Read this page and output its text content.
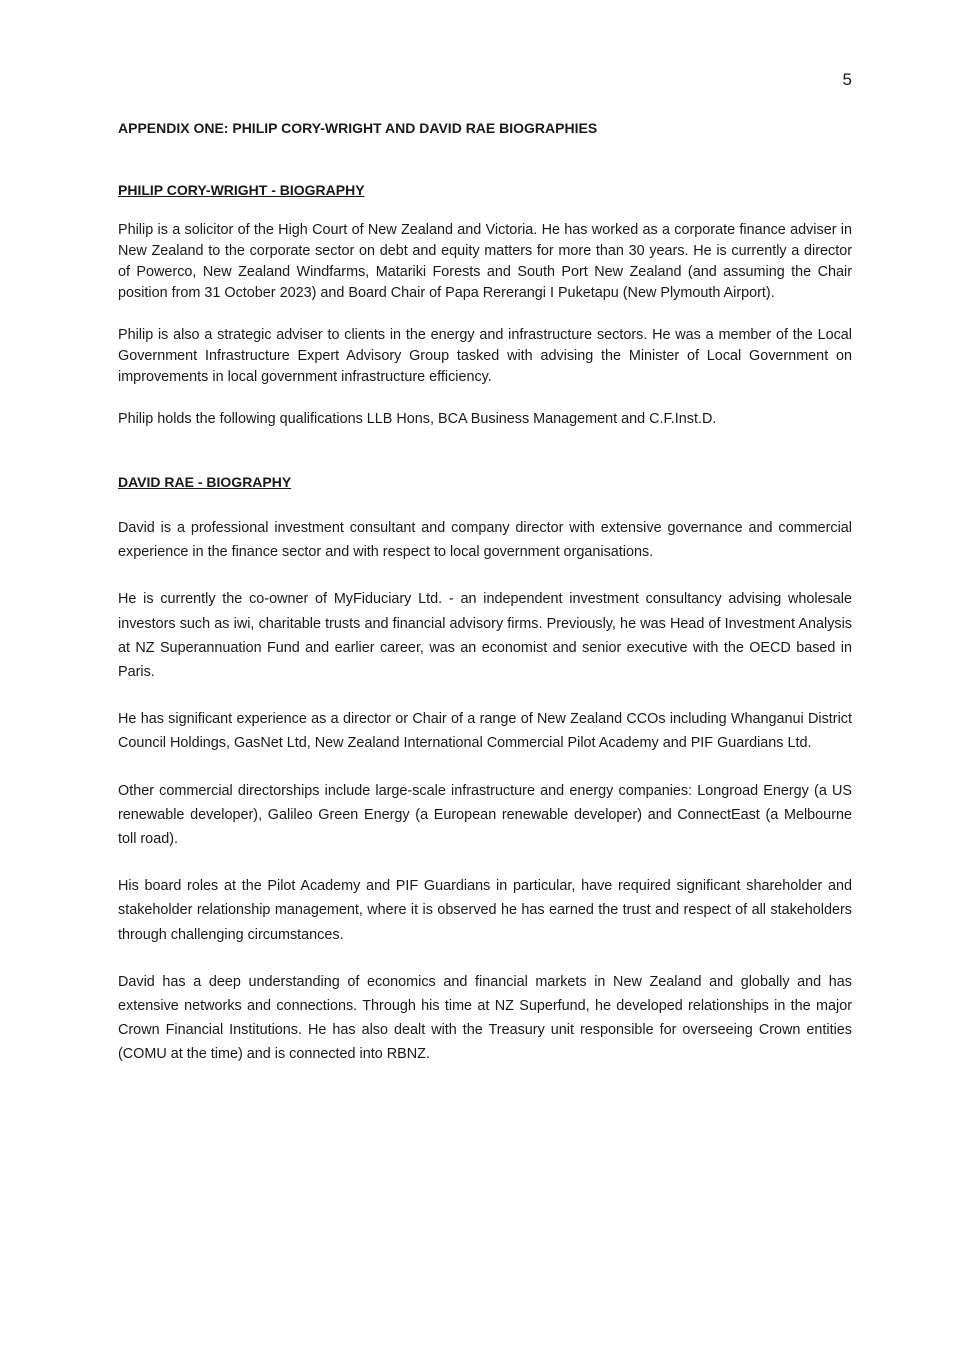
5
APPENDIX ONE: PHILIP CORY-WRIGHT AND DAVID RAE BIOGRAPHIES
PHILIP CORY-WRIGHT - BIOGRAPHY

Philip is a solicitor of the High Court of New Zealand and Victoria. He has worked as a corporate finance adviser in New Zealand to the corporate sector on debt and equity matters for more than 30 years. He is currently a director of Powerco, New Zealand Windfarms, Matariki Forests and South Port New Zealand (and assuming the Chair position from 31 October 2023) and Board Chair of Papa Rererangi I Puketapu (New Plymouth Airport).

Philip is also a strategic adviser to clients in the energy and infrastructure sectors. He was a member of the Local Government Infrastructure Expert Advisory Group tasked with advising the Minister of Local Government on improvements in local government infrastructure efficiency.

Philip holds the following qualifications LLB Hons, BCA Business Management and C.F.Inst.D.

DAVID RAE - BIOGRAPHY

David is a professional investment consultant and company director with extensive governance and commercial experience in the finance sector and with respect to local government organisations.

He is currently the co-owner of MyFiduciary Ltd. - an independent investment consultancy advising wholesale investors such as iwi, charitable trusts and financial advisory firms. Previously, he was Head of Investment Analysis at NZ Superannuation Fund and earlier career, was an economist and senior executive with the OECD based in Paris.

He has significant experience as a director or Chair of a range of New Zealand CCOs including Whanganui District Council Holdings, GasNet Ltd, New Zealand International Commercial Pilot Academy and PIF Guardians Ltd.

Other commercial directorships include large-scale infrastructure and energy companies: Longroad Energy (a US renewable developer), Galileo Green Energy (a European renewable developer) and ConnectEast (a Melbourne toll road).

His board roles at the Pilot Academy and PIF Guardians in particular, have required significant shareholder and stakeholder relationship management, where it is observed he has earned the trust and respect of all stakeholders through challenging circumstances.

David has a deep understanding of economics and financial markets in New Zealand and globally and has extensive networks and connections. Through his time at NZ Superfund, he developed relationships in the major Crown Financial Institutions. He has also dealt with the Treasury unit responsible for overseeing Crown entities (COMU at the time) and is connected into RBNZ.
